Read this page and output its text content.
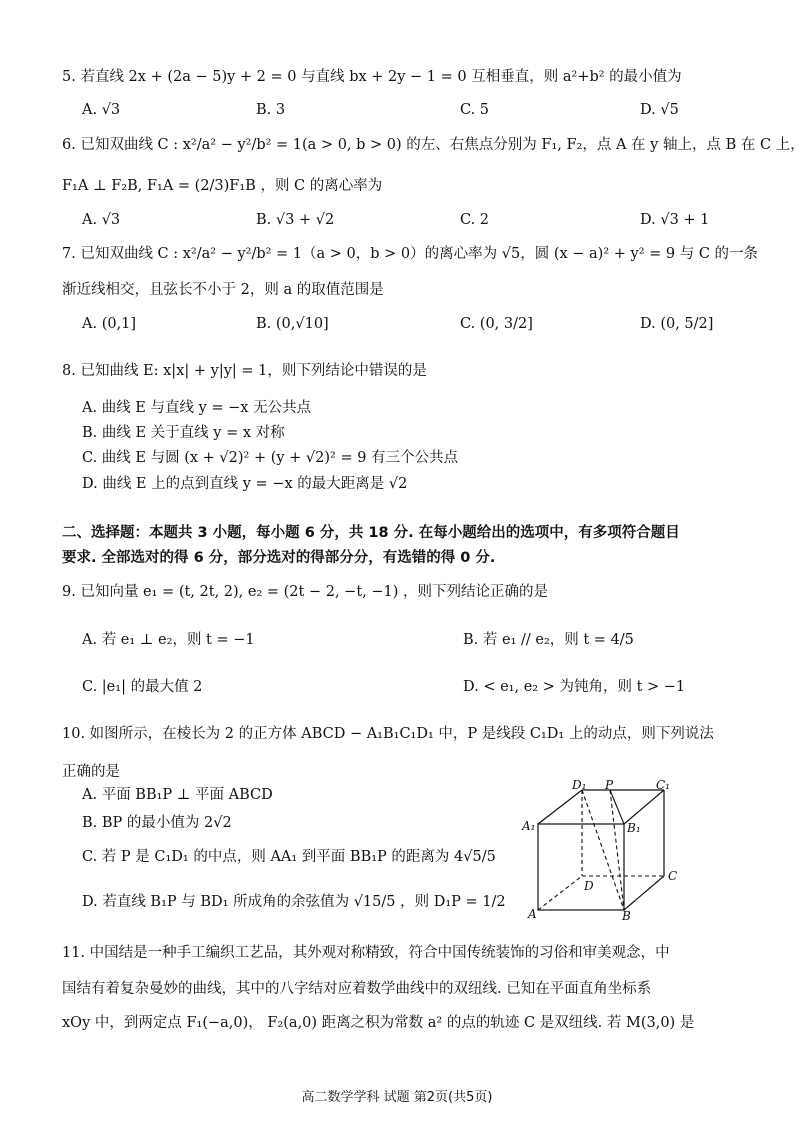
5. 若直线 2x + (2a − 5)y + 2 = 0 与直线 bx + 2y − 1 = 0 互相垂直，则 a²+b² 的最小值为
A. √3	B. 3	C. 5	D. √5
6. 已知双曲线 C : x²/a² − y²/b² = 1(a > 0, b > 0) 的左、右焦点分别为 F₁, F₂，点 A 在 y 轴上，点 B 在 C 上，
F₁A ⊥ F₂B, F₁A = (2/3)F₁B ，则 C 的离心率为
A. √3	B. √3 + √2	C. 2	D. √3 + 1
7. 已知双曲线 C : x²/a² − y²/b² = 1（a > 0，b > 0）的离心率为 √5，圆 (x − a)² + y² = 9 与 C 的一条
渐近线相交，且弦长不小于 2，则 a 的取值范围是
A. (0,1]	B. (0,√10]	C. (0, 3/2]	D. (0, 5/2]
8. 已知曲线 E: x|x| + y|y| = 1，则下列结论中错误的是
A. 曲线 E 与直线 y = −x 无公共点
B. 曲线 E 关于直线 y = x 对称
C. 曲线 E 与圆 (x + √2)² + (y + √2)² = 9 有三个公共点
D. 曲线 E 上的点到直线 y = −x 的最大距离是 √2
二、选择题：本题共 3 小题，每小题 6 分，共 18 分. 在每小题给出的选项中，有多项符合题目
要求. 全部选对的得 6 分，部分选对的得部分分，有选错的得 0 分.
9. 已知向量 e₁ = (t, 2t, 2), e₂ = (2t − 2, −t, −1) ，则下列结论正确的是
A. 若 e₁ ⊥ e₂，则 t = −1	B. 若 e₁ // e₂，则 t = 4/5
C. |e₁| 的最大值 2	D. < e₁, e₂ > 为钝角，则 t > −1
10. 如图所示，在棱长为 2 的正方体 ABCD − A₁B₁C₁D₁ 中，P 是线段 C₁D₁ 上的动点，则下列说法
正确的是
A. 平面 BB₁P ⊥ 平面 ABCD
B. BP 的最小值为 2√2
C. 若 P 是 C₁D₁ 的中点，则 AA₁ 到平面 BB₁P 的距离为 4√5/5
D. 若直线 B₁P 与 BD₁ 所成角的余弦值为 √15/5 ，则 D₁P = 1/2
D₁ P	C₁
A₁	B₁
D
C
A	B
11. 中国结是一种手工编织工艺品，其外观对称精致，符合中国传统装饰的习俗和审美观念，中
国结有着复杂曼妙的曲线，其中的八字结对应着数学曲线中的双纽线. 已知在平面直角坐标系
xOy 中，到两定点 F₁(−a,0)， F₂(a,0) 距离之积为常数 a² 的点的轨迹 C 是双纽线. 若 M(3,0) 是
高二数学学科 试题 第2页(共5页)
